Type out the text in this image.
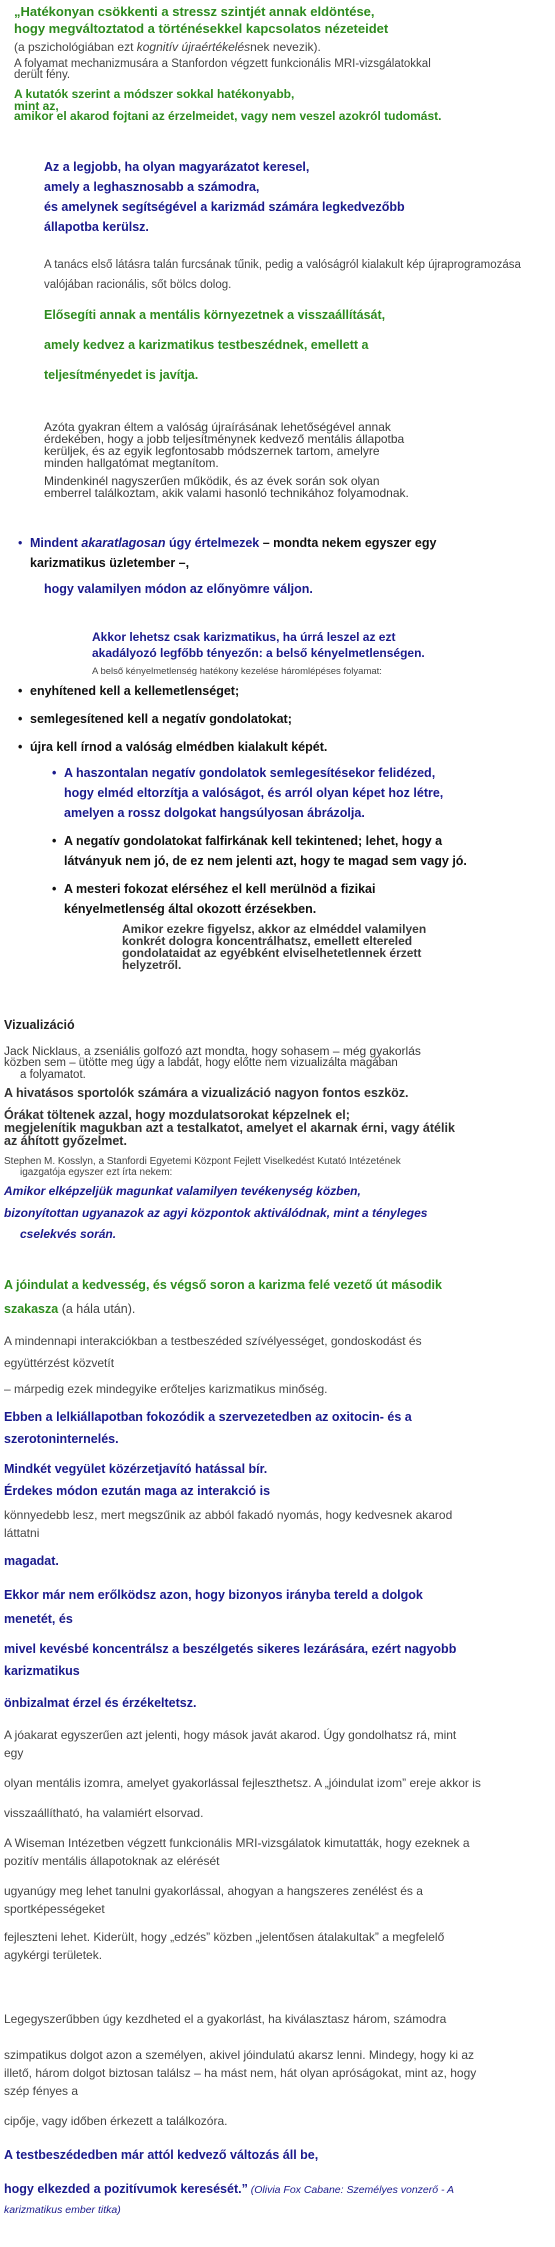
„Hatékonyan csökkenti a stressz szintjét annak eldöntése,

hogy megváltoztatod a történésekkel kapcsolatos nézeteidet

(a pszichológiában ezt kognitív újraértékelésnek nevezik).

A folyamat mechanizmusára a Stanfordon végzett funkcionális MRI-vizsgálatokkal

derült fény.

A kutatók szerint a módszer sokkal hatékonyabb,

mint az,

amikor el akarod fojtani az érzelmeidet, vagy nem veszel azokról tudomást.

Az a legjobb, ha olyan magyarázatot keresel,

amely a leghasznosabb a számodra,

és amelynek segítségével a karizmád számára legkedvezőbb

állapotba kerülsz.

A tanács első látásra talán furcsának tűnik, pedig a valóságról kialakult kép újraprogramozása

valójában racionális, sőt bölcs dolog.

Elősegíti annak a mentális környezetnek a visszaállítását,

amely kedvez a karizmatikus testbeszédnek, emellett a

teljesítményedet is javítja.

Azóta gyakran éltem a valóság újraírásának lehetőségével annak

érdekében, hogy a jobb teljesítménynek kedvező mentális állapotba

kerüljek, és az egyik legfontosabb módszernek tartom, amelyre

minden hallgatómat megtanítom.

Mindenkinél nagyszerűen működik, és az évek során sok olyan

emberrel találkoztam, akik valami hasonló technikához folyamodnak.

• Mindent akaratlagosan úgy értelmezek – mondta nekem egyszer egy

karizmatikus üzletember –,

hogy valamilyen módon az előnyömre váljon.

Akkor lehetsz csak karizmatikus, ha úrrá leszel az ezt

akadályozó legfőbb tényezőn: a belső kényelmetlenségen.

A belső kényelmetlenség hatékony kezelése háromlépéses folyamat:

• enyhítened kell a kellemetlenséget;

• semlegesítened kell a negatív gondolatokat;

• újra kell írnod a valóság elmédben kialakult képét.

• A haszontalan negatív gondolatok semlegesítésekor felidézed,

hogy elméd eltorzítja a valóságot, és arról olyan képet hoz létre,

amelyen a rossz dolgokat hangsúlyosan ábrázolja.

• A negatív gondolatokat falfirkának kell tekintened; lehet, hogy a

látványuk nem jó, de ez nem jelenti azt, hogy te magad sem vagy jó.

• A mesteri fokozat elérséhez el kell merülnöd a fizikai

kényelmetlenség által okozott érzésekben.

Amikor ezekre figyelsz, akkor az elméddel valamilyen

konkrét dologra koncentrálhatsz, emellett eltereled

gondolataidat az egyébként elviselhetetlennek érzett

helyzetről.

Vizualizáció

Jack Nicklaus, a zseniális golfozó azt mondta, hogy sohasem – még gyakorlás

közben sem – ütötte meg úgy a labdát, hogy előtte nem vizualizálta magában

a folyamatot.

A hivatásos sportolók számára a vizualizáció nagyon fontos eszköz.

Órákat töltenek azzal, hogy mozdulatsorokat képzelnek el;

megjelenítik magukban azt a testalkatot, amelyet el akarnak érni, vagy átélik

az áhított győzelmet.

Stephen M. Kosslyn, a Stanfordi Egyetemi Központ Fejlett Viselkedést Kutató Intézetének

igazgatója egyszer ezt írta nekem:

Amikor elképzeljük magunkat valamilyen tevékenység közben,

bizonyítottan ugyanazok az agyi központok aktiválódnak, mint a tényleges

cselekvés során.

A jóindulat a kedvesség, és végső soron a karizma felé vezető út második

szakasza (a hála után).

A mindennapi interakciókban a testbeszéded szívélyességet, gondoskodást és

együttérzést közvetít

– márpedig ezek mindegyike erőteljes karizmatikus minőség.

Ebben a lelkiállapotban fokozódik a szervezetedben az oxitocin- és a

szerotoninternelés.

Mindkét vegyület közérzetjavító hatással bír.

Érdekes módon ezután maga az interakció is

könnyedebb lesz, mert megszűnik az abból fakadó nyomás, hogy kedvesnek akarod

láttatni

magadat.

Ekkor már nem erőlködsz azon, hogy bizonyos irányba tereld a dolgok

menetét, és

mivel kevésbé koncentrálsz a beszélgetés sikeres lezárására, ezért nagyobb

karizmatikus

önbizalmat érzel és érzékeltetsz.

A jóakarat egyszerűen azt jelenti, hogy mások javát akarod. Úgy gondolhatsz rá, mint

egy

olyan mentális izomra, amelyet gyakorlással fejleszthetsz. A „jóindulat izom” ereje akkor is

visszaállítható, ha valamiért elsorvad.

A Wiseman Intézetben végzett funkcionális MRI-vizsgálatok kimutatták, hogy ezeknek a

pozitív mentális állapotoknak az elérését

ugyanúgy meg lehet tanulni gyakorlással, ahogyan a hangszeres zenélést és a

sportképességeket

fejleszteni lehet. Kiderült, hogy „edzés” közben „jelentősen átalakultak” a megfelelő

agykérgi területek.

Legegyszerűbben úgy kezdheted el a gyakorlást, ha kiválasztasz három, számodra

szimpatikus dolgot azon a személyen, akivel jóindulatú akarsz lenni. Mindegy, hogy ki az

illető, három dolgot biztosan találsz – ha mást nem, hát olyan apróságokat, mint az, hogy

szép fényes a

cipője, vagy időben érkezett a találkozóra.

A testbeszédedben már attól kedvező változás áll be,

hogy elkezded a pozitívumok keresését.” (Olivia Fox Cabane: Személyes vonzerő - A

karizmatikus ember titka)
